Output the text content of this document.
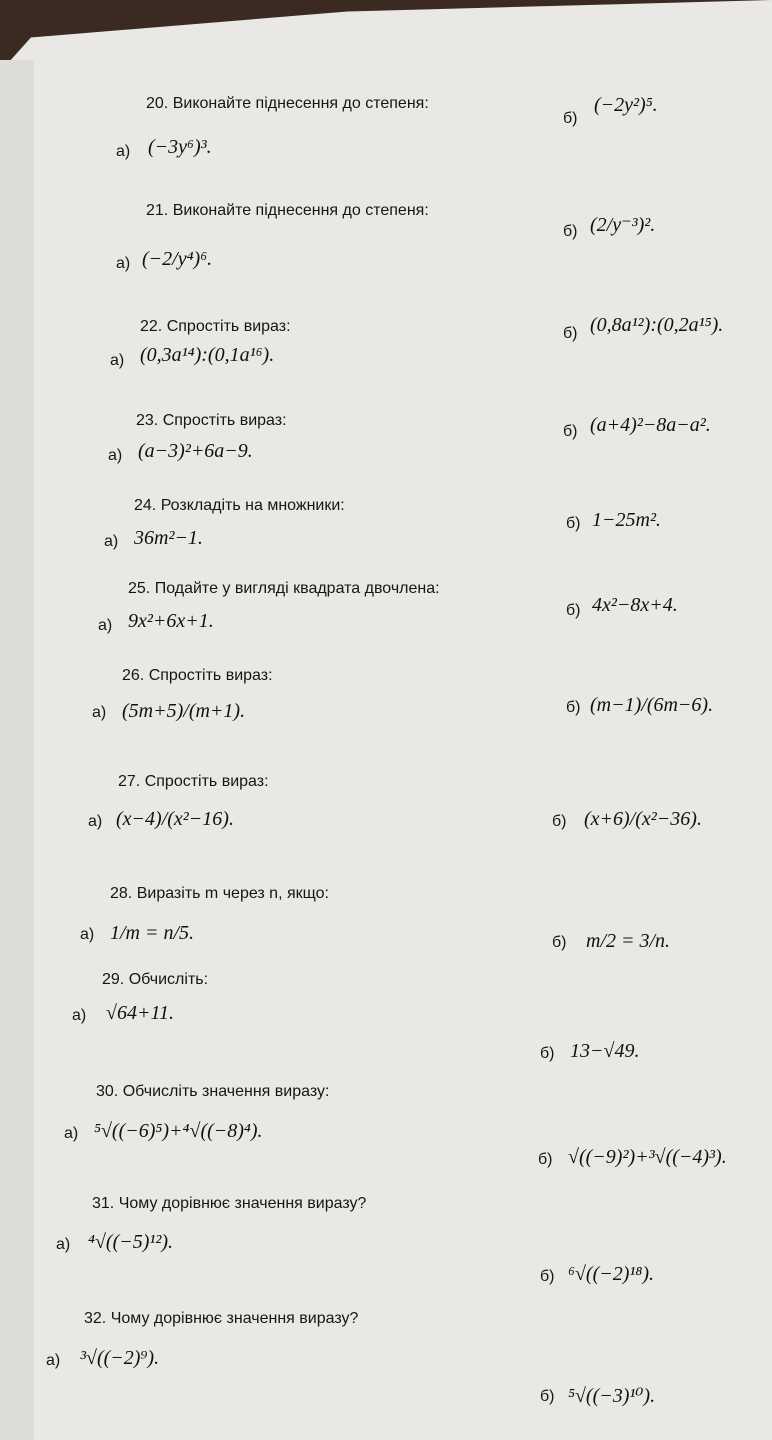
20. Виконайте піднесення до степеня:
а) (−3y⁶)³.
б)
(−2y²)⁵.
21. Виконайте піднесення до степеня:
а) (−2/y⁴)⁶.
б) (2/y⁻³)².
22. Спростіть вираз:
а) (0,3a¹⁴):(0,1a¹⁶).
б) (0,8a¹²):(0,2a¹⁵).
23. Спростіть вираз:
а) (a−3)²+6a−9.
б) (a+4)²−8a−a².
24. Розкладіть на множники:
а) 36m²−1.
б) 1−25m².
25. Подайте у вигляді квадрата двочлена:
а) 9x²+6x+1.	б) 4x²−8x+4.
26. Спростіть вираз:
а) (5m+5)/(m+1).	б) (m−1)/(6m−6).
27. Спростіть вираз:
а) (x−4)/(x²−16).	б) (x+6)/(x²−36).
28. Виразіть m через n, якщо:
а) 1/m = n/5.	б) m/2 = 3/n.
29. Обчисліть:
а) √64+11.
б) 13−√49.
30. Обчисліть значення виразу:
а) ⁵√((−6)⁵)+⁴√((−8)⁴).
б) √((−9)²)+³√((−4)³).
31. Чому дорівнює значення виразу?
а) ⁴√((−5)¹²).
б) ⁶√((−2)¹⁸).
32. Чому дорівнює значення виразу?
а) ³√((−2)⁹).
б) ⁵√((−3)¹⁰).
